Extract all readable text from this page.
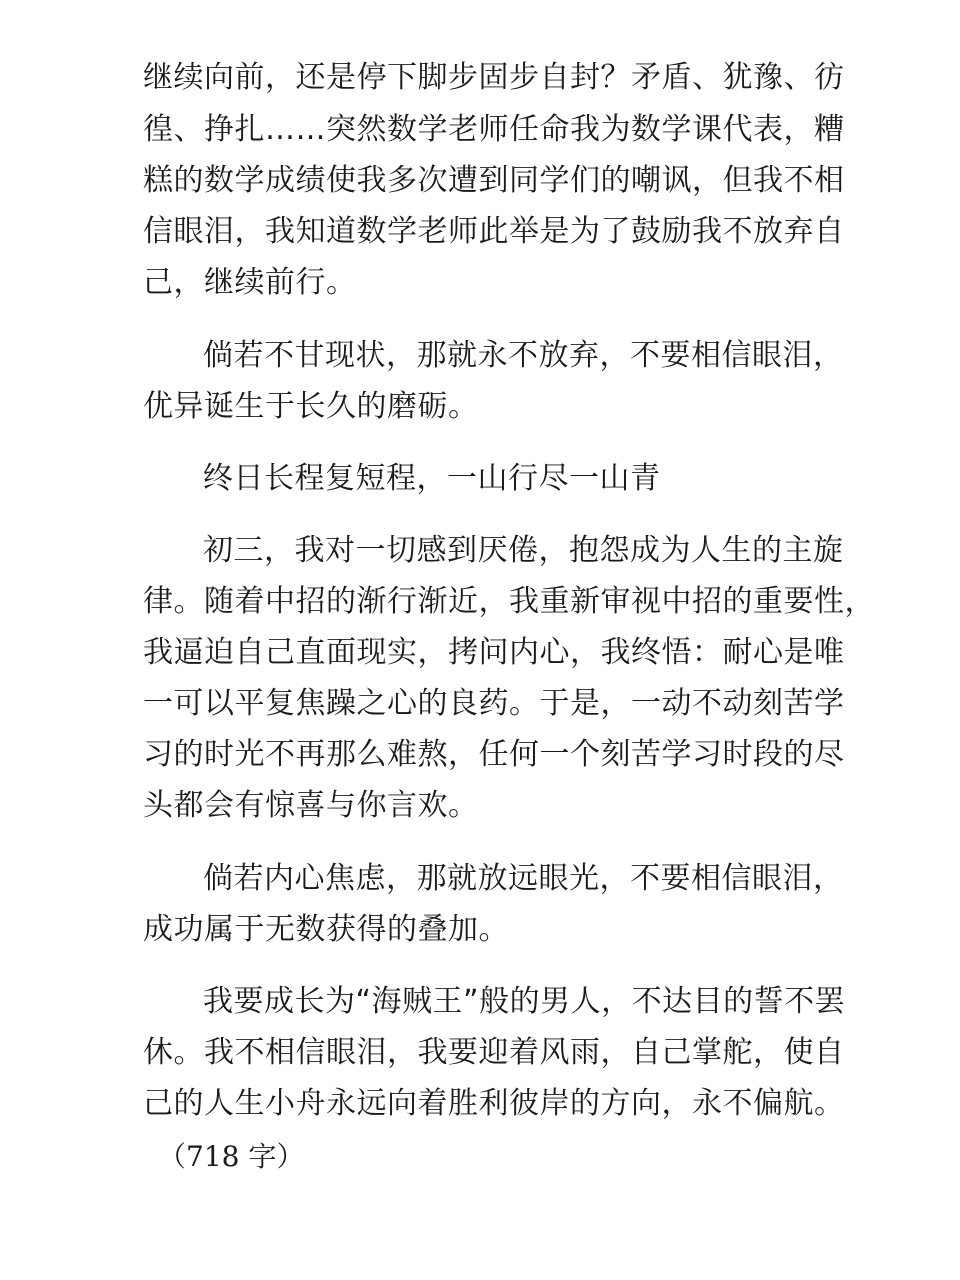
继续向前，还是停下脚步固步自封？矛盾、犹豫、彷
徨、挣扎……突然数学老师任命我为数学课代表，糟
糕的数学成绩使我多次遭到同学们的嘲讽，但我不相
信眼泪，我知道数学老师此举是为了鼓励我不放弃自
己，继续前行。
倘若不甘现状，那就永不放弃，不要相信眼泪，
优异诞生于长久的磨砺。
终日长程复短程，一山行尽一山青
初三，我对一切感到厌倦，抱怨成为人生的主旋
律。随着中招的渐行渐近，我重新审视中招的重要性，
我逼迫自己直面现实，拷问内心，我终悟：耐心是唯
一可以平复焦躁之心的良药。于是，一动不动刻苦学
习的时光不再那么难熬，任何一个刻苦学习时段的尽
头都会有惊喜与你言欢。
倘若内心焦虑，那就放远眼光，不要相信眼泪，
成功属于无数获得的叠加。
我要成长为“海贼王”般的男人，不达目的誓不罢
休。我不相信眼泪，我要迎着风雨，自己掌舵，使自
己的人生小舟永远向着胜利彼岸的方向，永不偏航。
（718 字）
